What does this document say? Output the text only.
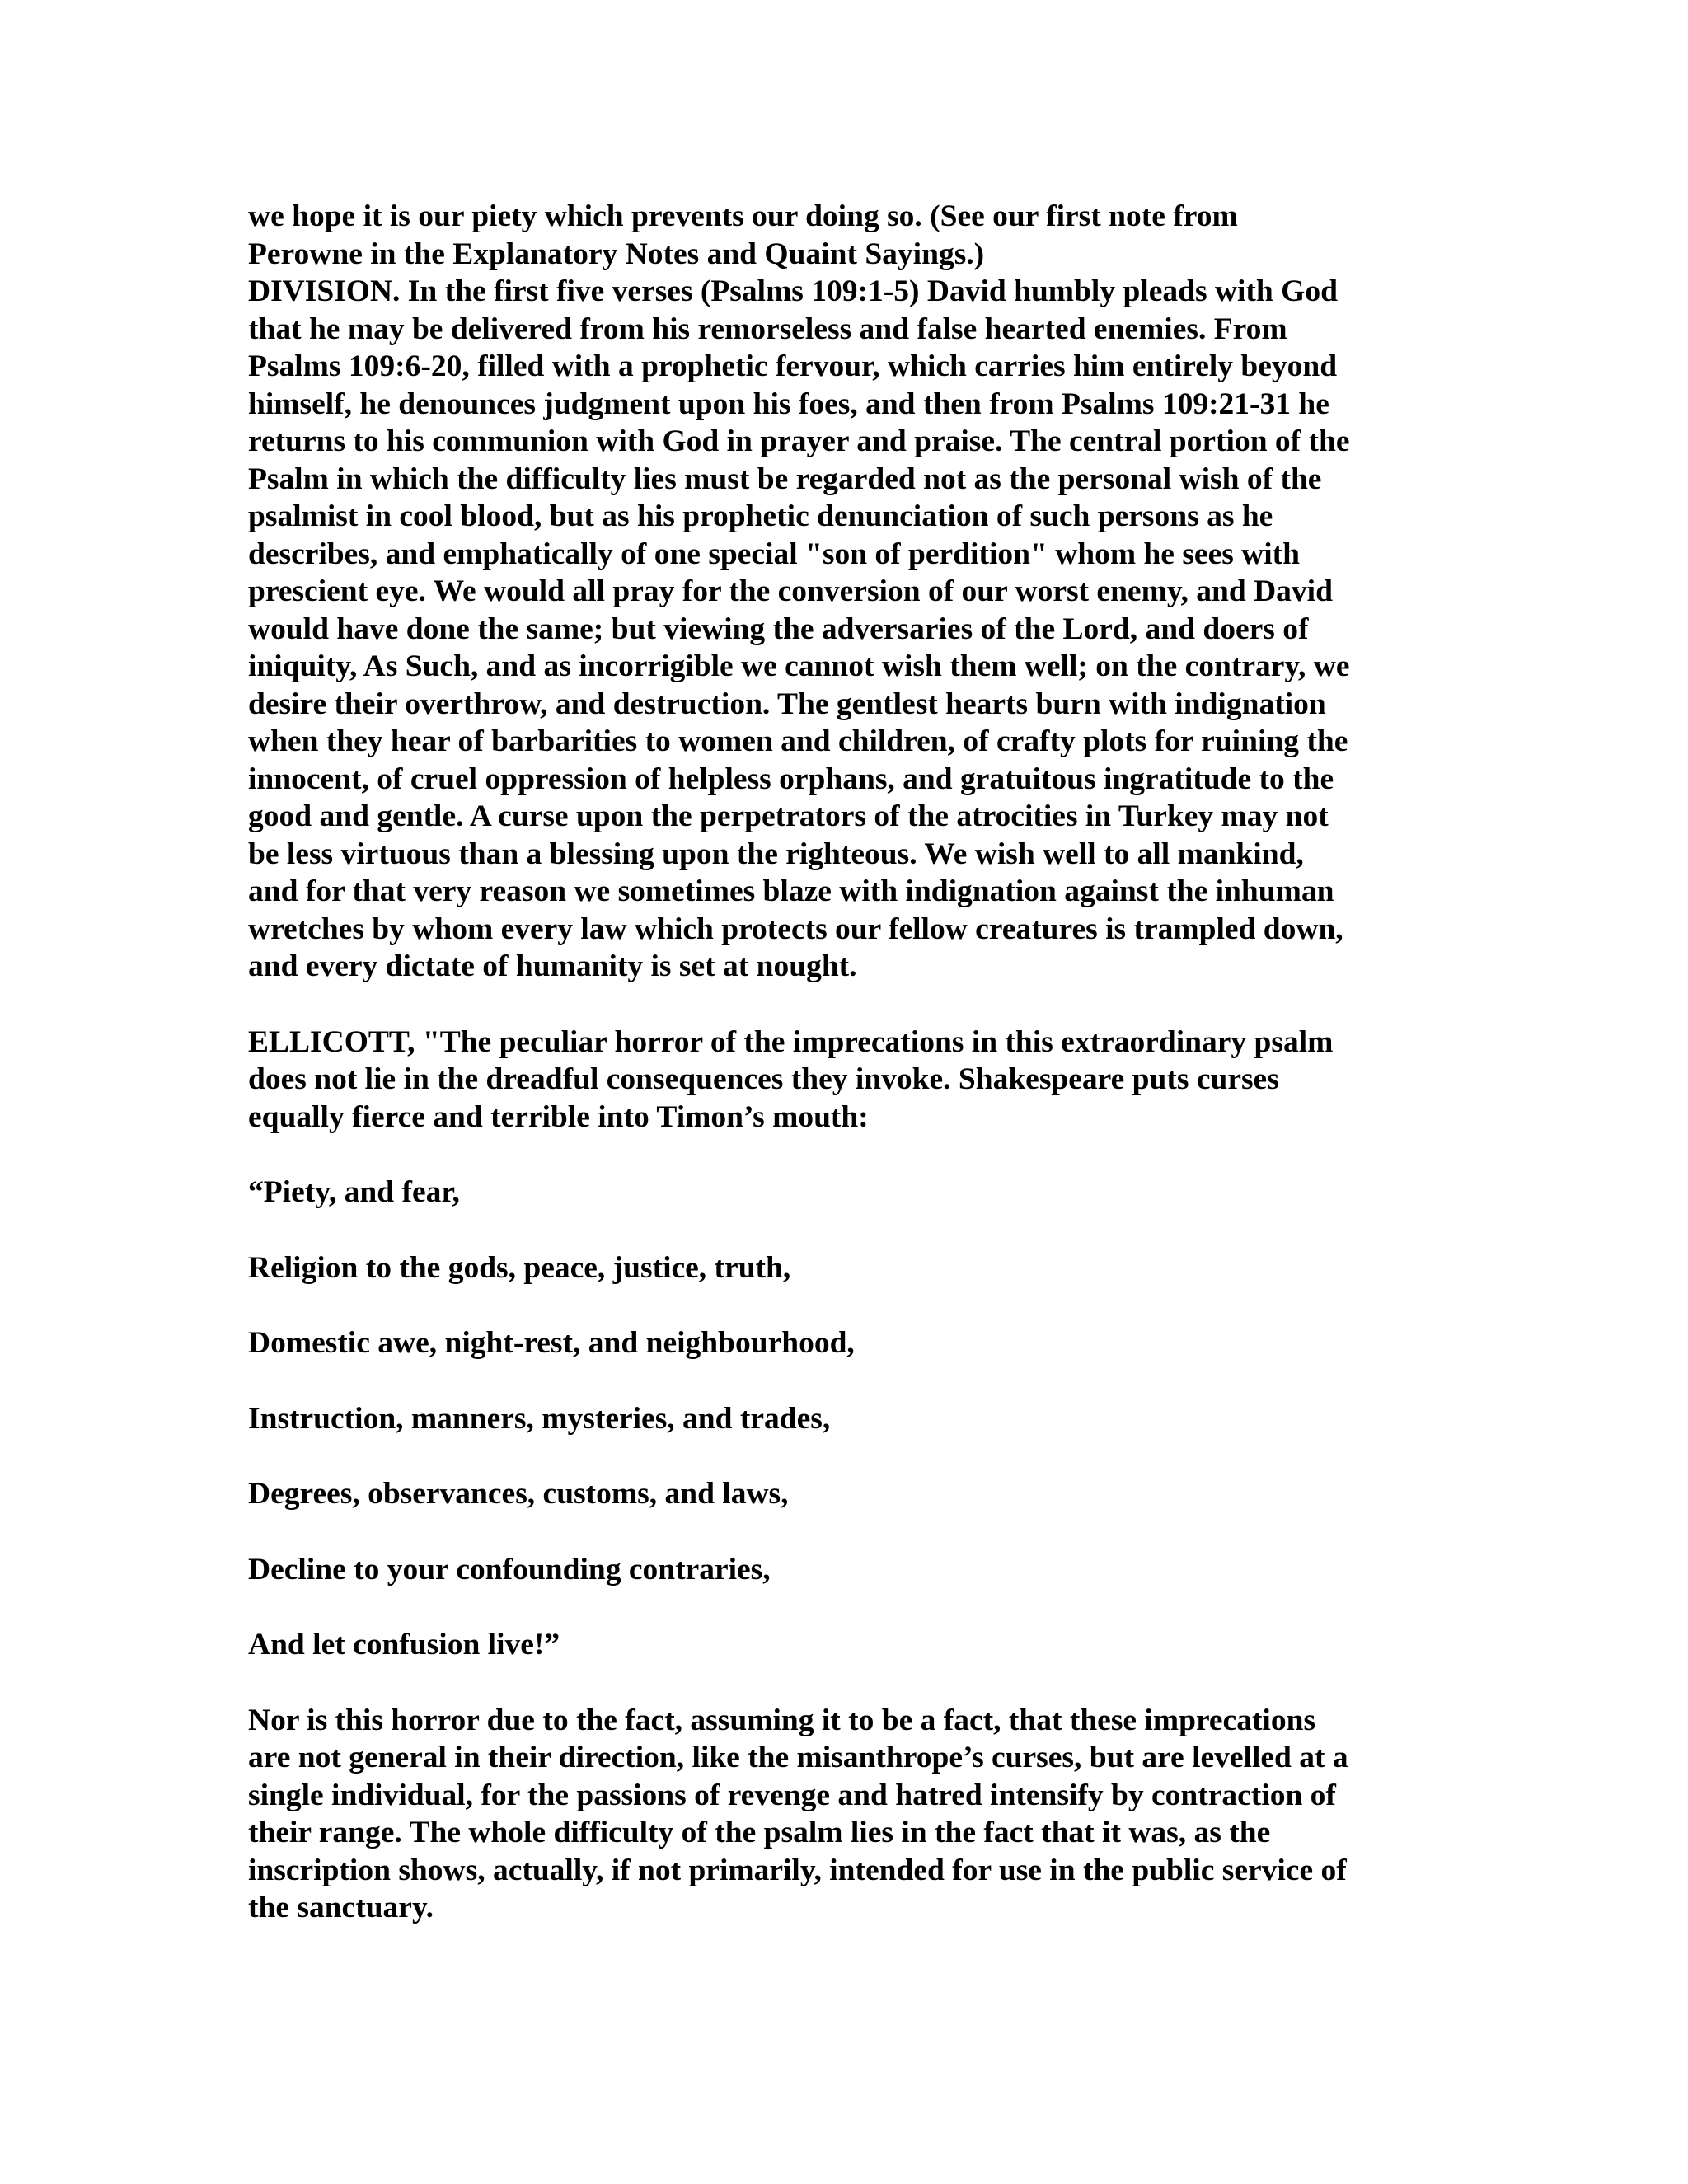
we hope it is our piety which prevents our doing so. (See our first note from
Perowne in the Explanatory Notes and Quaint Sayings.)
DIVISION. In the first five verses (Psalms 109:1-5) David humbly pleads with God
that he may be delivered from his remorseless and false hearted enemies. From
Psalms 109:6-20, filled with a prophetic fervour, which carries him entirely beyond
himself, he denounces judgment upon his foes, and then from Psalms 109:21-31 he
returns to his communion with God in prayer and praise. The central portion of the
Psalm in which the difficulty lies must be regarded not as the personal wish of the
psalmist in cool blood, but as his prophetic denunciation of such persons as he
describes, and emphatically of one special "son of perdition" whom he sees with
prescient eye. We would all pray for the conversion of our worst enemy, and David
would have done the same; but viewing the adversaries of the Lord, and doers of
iniquity, As Such, and as incorrigible we cannot wish them well; on the contrary, we
desire their overthrow, and destruction. The gentlest hearts burn with indignation
when they hear of barbarities to women and children, of crafty plots for ruining the
innocent, of cruel oppression of helpless orphans, and gratuitous ingratitude to the
good and gentle. A curse upon the perpetrators of the atrocities in Turkey may not
be less virtuous than a blessing upon the righteous. We wish well to all mankind,
and for that very reason we sometimes blaze with indignation against the inhuman
wretches by whom every law which protects our fellow creatures is trampled down,
and every dictate of humanity is set at nought.
ELLICOTT, "The peculiar horror of the imprecations in this extraordinary psalm
does not lie in the dreadful consequences they invoke. Shakespeare puts curses
equally fierce and terrible into Timon’s mouth:
“Piety, and fear,
Religion to the gods, peace, justice, truth,
Domestic awe, night-rest, and neighbourhood,
Instruction, manners, mysteries, and trades,
Degrees, observances, customs, and laws,
Decline to your confounding contraries,
And let confusion live!”
Nor is this horror due to the fact, assuming it to be a fact, that these imprecations
are not general in their direction, like the misanthrope’s curses, but are levelled at a
single individual, for the passions of revenge and hatred intensify by contraction of
their range. The whole difficulty of the psalm lies in the fact that it was, as the
inscription shows, actually, if not primarily, intended for use in the public service of
the sanctuary.
